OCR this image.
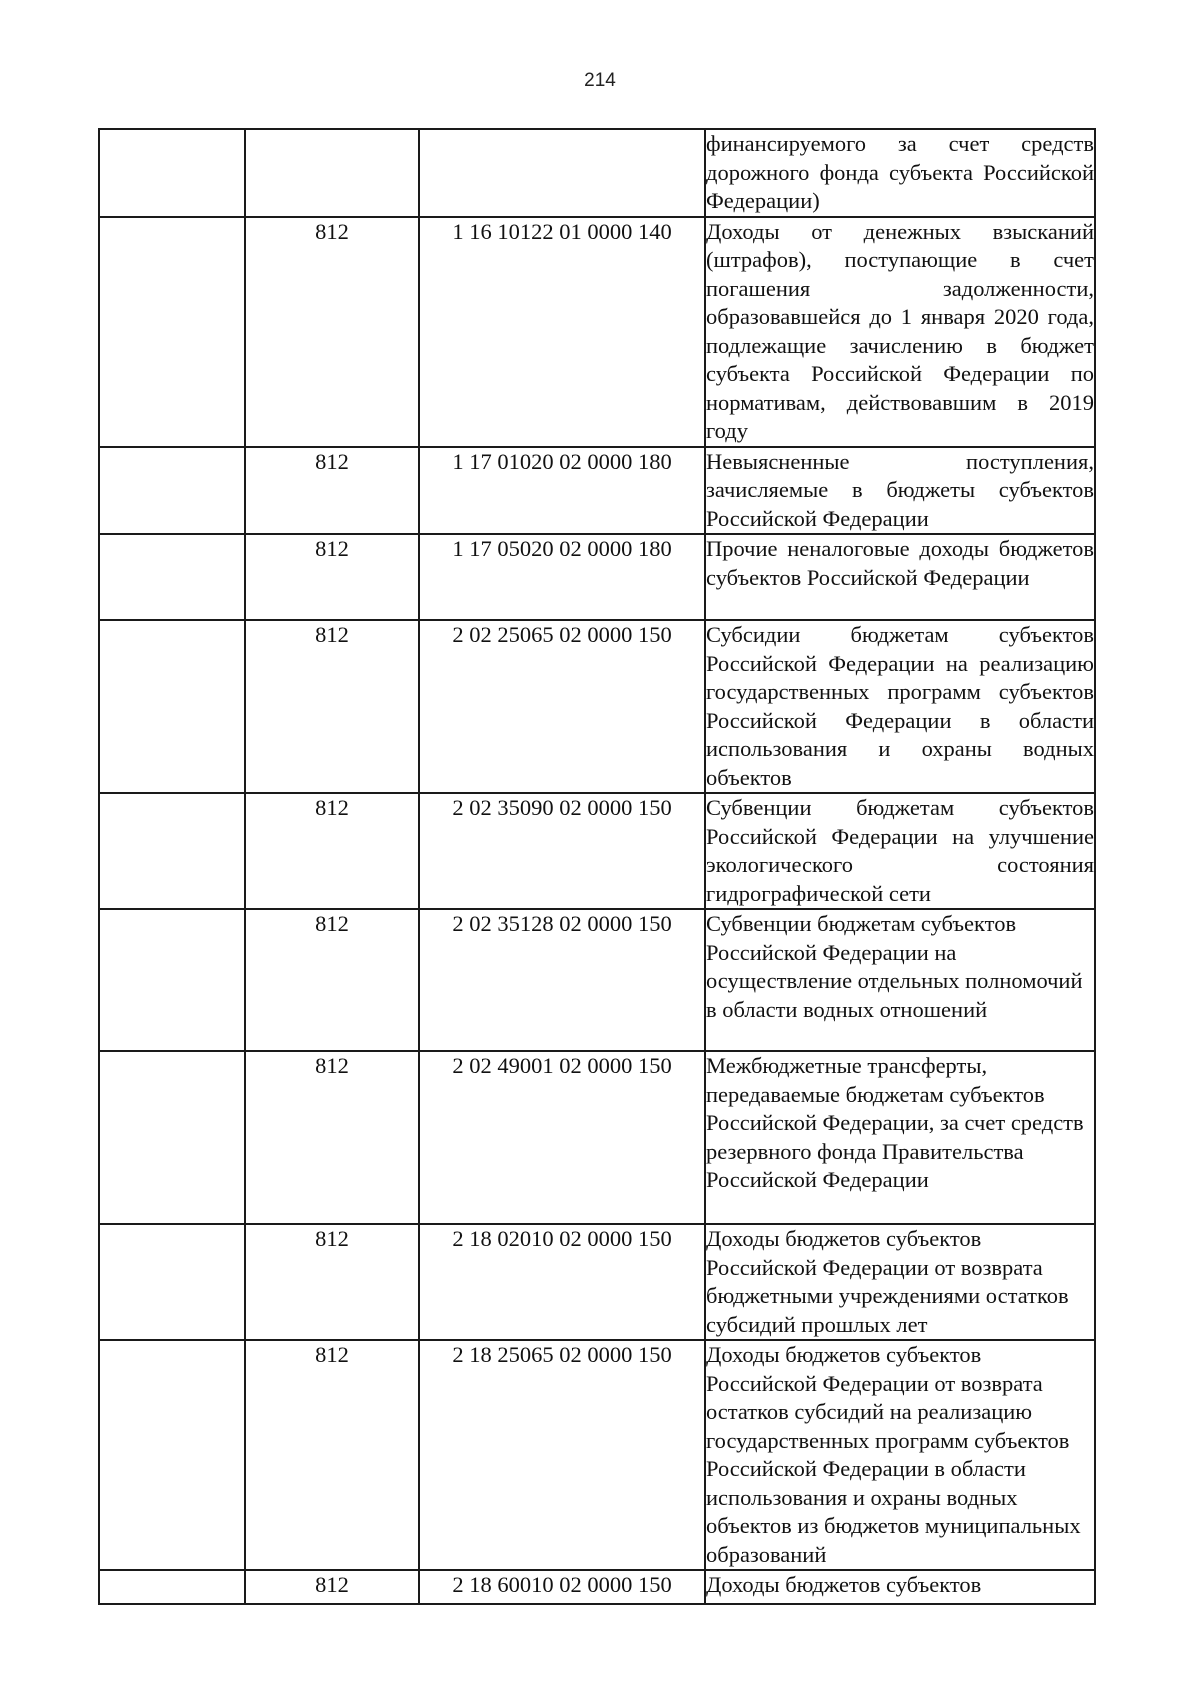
214
			финансируемого за счет средств дорожного фонда субъекта Российской Федерации)
	812	1 16 10122 01 0000 140	Доходы от денежных взысканий (штрафов), поступающие в счет погашения задолженности, образовавшейся до 1 января 2020 года, подлежащие зачислению в бюджет субъекта Российской Федерации по нормативам, действовавшим в 2019 году
	812	1 17 01020 02 0000 180	Невыясненные поступления, зачисляемые в бюджеты субъектов Российской Федерации
	812	1 17 05020 02 0000 180	Прочие неналоговые доходы бюджетов субъектов Российской Федерации
	812	2 02 25065 02 0000 150	Субсидии бюджетам субъектов Российской Федерации на реализацию государственных программ субъектов Российской Федерации в области использования и охраны водных объектов
	812	2 02 35090 02 0000 150	Субвенции бюджетам субъектов Российской Федерации на улучшение экологического состояния гидрографической сети
	812	2 02 35128 02 0000 150	Субвенции бюджетам субъектов Российской Федерации на осуществление отдельных полномочий в области водных отношений
	812	2 02 49001 02 0000 150	Межбюджетные трансферты, передаваемые бюджетам субъектов Российской Федерации, за счет средств резервного фонда Правительства Российской Федерации
	812	2 18 02010 02 0000 150	Доходы бюджетов субъектов Российской Федерации от возврата бюджетными учреждениями остатков субсидий прошлых лет
	812	2 18 25065 02 0000 150	Доходы бюджетов субъектов Российской Федерации от возврата остатков субсидий на реализацию государственных программ субъектов Российской Федерации в области использования и охраны водных объектов из бюджетов муниципальных образований
	812	2 18 60010 02 0000 150	Доходы бюджетов субъектов
